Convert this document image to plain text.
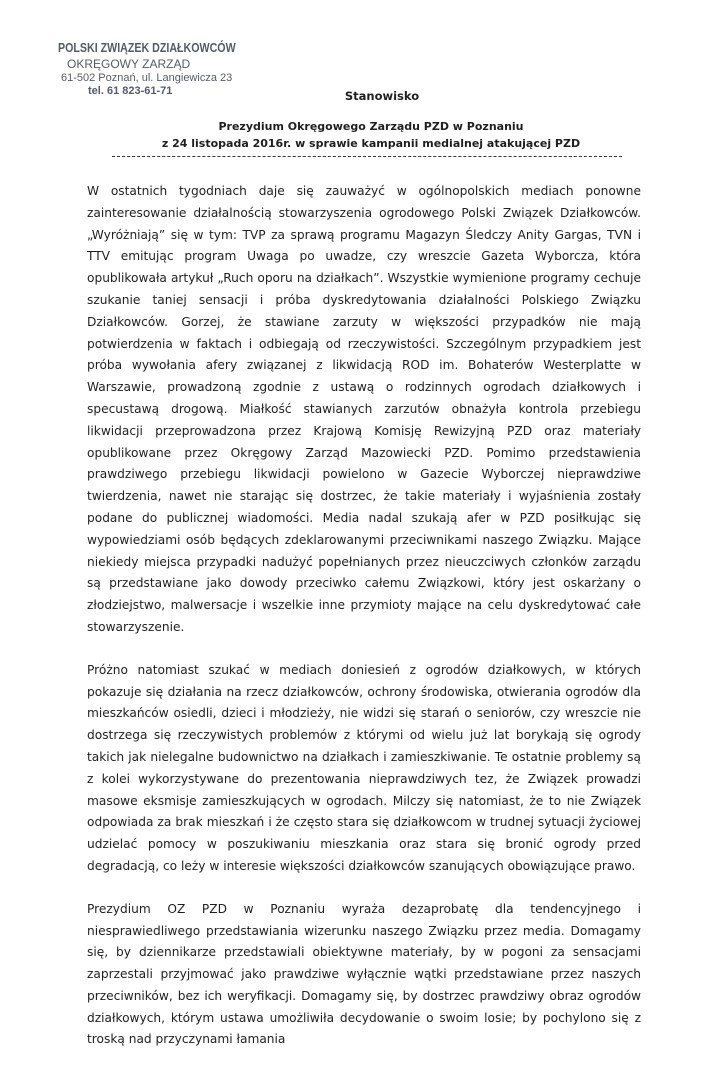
POLSKI ZWIĄZEK DZIAŁKOWCÓW
OKRĘGOWY ZARZĄD
61-502 Poznań, ul. Langiewicza 23
tel. 61 823-61-71	Stanowisko
Prezydium Okręgowego Zarządu PZD w Poznaniu
z 24 listopada 2016r. w sprawie kampanii medialnej atakującej PZD

W ostatnich tygodniach daje się zauważyć w ogólnopolskich mediach ponowne zainteresowanie działalnością stowarzyszenia ogrodowego Polski Związek Działkowców. „Wyróżniają” się w tym: TVP za sprawą programu Magazyn Śledczy Anity Gargas, TVN i TTV emitując program Uwaga po uwadze, czy wreszcie Gazeta Wyborcza, która opublikowała artykuł „Ruch oporu na działkach”. Wszystkie wymienione programy cechuje szukanie taniej sensacji i próba dyskredytowania działalności Polskiego Związku Działkowców. Gorzej, że stawiane zarzuty w większości przypadków nie mają potwierdzenia w faktach i odbiegają od rzeczywistości. Szczególnym przypadkiem jest próba wywołania afery związanej z likwidacją ROD im. Bohaterów Westerplatte w Warszawie, prowadzoną zgodnie z ustawą o rodzinnych ogrodach działkowych i specustawą drogową. Miałkość stawianych zarzutów obnażyła kontrola przebiegu likwidacji przeprowadzona przez Krajową Komisję Rewizyjną PZD oraz materiały opublikowane przez Okręgowy Zarząd Mazowiecki PZD. Pomimo przedstawienia prawdziwego przebiegu likwidacji powielono w Gazecie Wyborczej nieprawdziwe twierdzenia, nawet nie starając się dostrzec, że takie materiały i wyjaśnienia zostały podane do publicznej wiadomości. Media nadal szukają afer w PZD posiłkując się wypowiedziami osób będących zdeklarowanymi przeciwnikami naszego Związku. Mające niekiedy miejsca przypadki nadużyć popełnianych przez nieuczciwych członków zarządu są przedstawiane jako dowody przeciwko całemu Związkowi, który jest oskarżany o złodziejstwo, malwersacje i wszelkie inne przymioty mające na celu dyskredytować całe stowarzyszenie.

Próżno natomiast szukać w mediach doniesień z ogrodów działkowych, w których pokazuje się działania na rzecz działkowców, ochrony środowiska, otwierania ogrodów dla mieszkańców osiedli, dzieci i młodzieży, nie widzi się starań o seniorów, czy wreszcie nie dostrzega się rzeczywistych problemów z którymi od wielu już lat borykają się ogrody takich jak nielegalne budownictwo na działkach i zamieszkiwanie. Te ostatnie problemy są z kolei wykorzystywane do prezentowania nieprawdziwych tez, że Związek prowadzi masowe eksmisje zamieszkujących w ogrodach. Milczy się natomiast, że to nie Związek odpowiada za brak mieszkań i że często stara się działkowcom w trudnej sytuacji życiowej udzielać pomocy w poszukiwaniu mieszkania oraz stara się bronić ogrody przed degradacją, co leży w interesie większości działkowców szanujących obowiązujące prawo.

Prezydium OZ PZD w Poznaniu wyraża dezaprobatę dla tendencyjnego i niesprawiedliwego przedstawiania wizerunku naszego Związku przez media. Domagamy się, by dziennikarze przedstawiali obiektywne materiały, by w pogoni za sensacjami zaprzestali przyjmować jako prawdziwe wyłącznie wątki przedstawiane przez naszych przeciwników, bez ich weryfikacji. Domagamy się, by dostrzec prawdziwy obraz ogrodów działkowych, którym ustawa umożliwiła decydowanie o swoim losie; by pochylono się z troską nad przyczynami łamania
